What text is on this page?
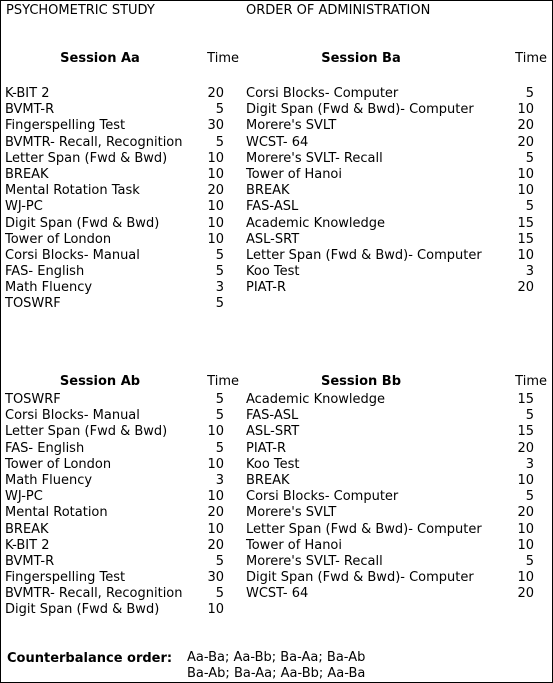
PSYCHOMETRIC STUDY	ORDER OF ADMINISTRATION
Session Aa	Time
K-BIT 2	20
BVMT-R	5
Fingerspelling Test	30
BVMTR- Recall, Recognition	5
Letter Span (Fwd & Bwd)	10
BREAK	10
Mental Rotation Task	20
WJ-PC	10
Digit Span (Fwd & Bwd)	10
Tower of London	10
Corsi Blocks- Manual	5
FAS- English	5
Math Fluency	3
TOSWRF	5
Session Ba	Time
Corsi Blocks- Computer	5
Digit Span (Fwd & Bwd)- Computer	10
Morere's SVLT	20
WCST- 64	20
Morere's SVLT- Recall	5
Tower of Hanoi	10
BREAK	10
FAS-ASL	5
Academic Knowledge	15
ASL-SRT	15
Letter Span (Fwd & Bwd)- Computer	10
Koo Test	3
PIAT-R	20
Session Ab	Time
TOSWRF	5
Corsi Blocks- Manual	5
Letter Span (Fwd & Bwd)	10
FAS- English	5
Tower of London	10
Math Fluency	3
WJ-PC	10
Mental Rotation	20
BREAK	10
K-BIT 2	20
BVMT-R	5
Fingerspelling Test	30
BVMTR- Recall, Recognition	5
Digit Span (Fwd & Bwd)	10
Session Bb	Time
Academic Knowledge	15
FAS-ASL	5
ASL-SRT	15
PIAT-R	20
Koo Test	3
BREAK	10
Corsi Blocks- Computer	5
Morere's SVLT	20
Letter Span (Fwd & Bwd)- Computer	10
Tower of Hanoi	10
Morere's SVLT- Recall	5
Digit Span (Fwd & Bwd)- Computer	10
WCST- 64	20
Counterbalance order: Aa-Ba; Aa-Bb; Ba-Aa; Ba-Ab
Ba-Ab; Ba-Aa; Aa-Bb; Aa-Ba
